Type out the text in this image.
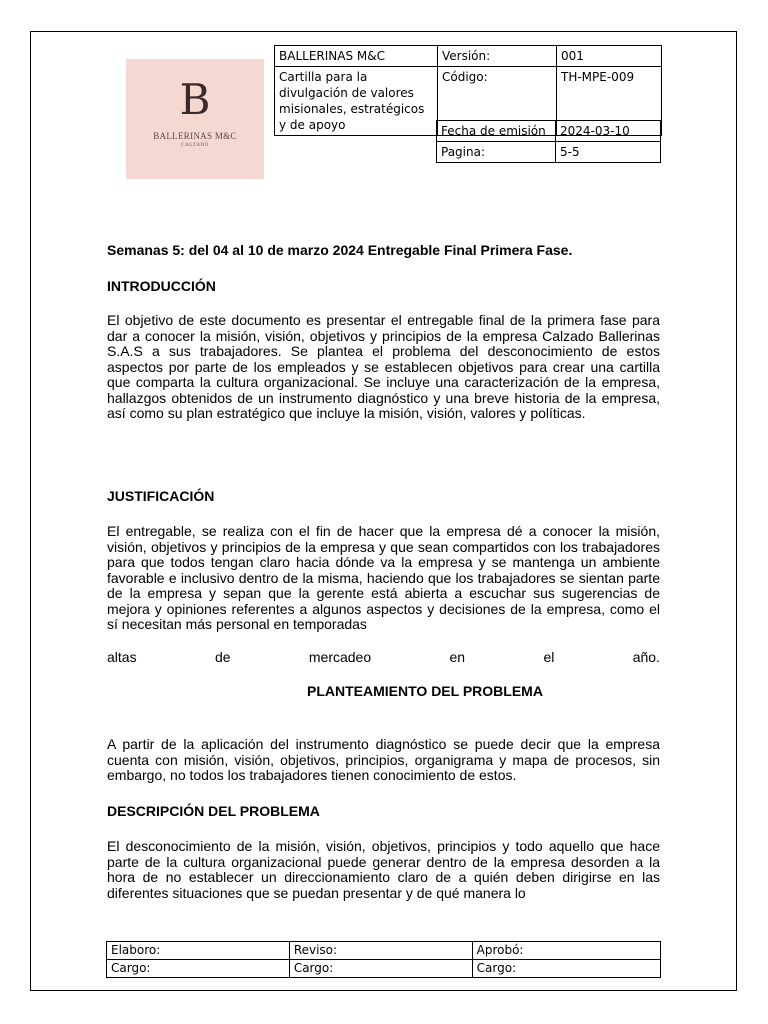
B
BALLERINAS M&C
CALZADO
BALLERINAS M&C	Versión:	001
Cartilla para la divulgación de valores misionales, estratégicos y de apoyo	Código:	TH-MPE-009
Fecha de emisión	2024-03-10
Pagina:	5-5
Semanas 5: del 04 al 10 de marzo 2024 Entregable Final Primera Fase.
INTRODUCCIÓN
El objetivo de este documento es presentar el entregable final de la primera fase para dar a conocer la misión, visión, objetivos y principios de la empresa Calzado Ballerinas S.A.S a sus trabajadores. Se plantea el problema del desconocimiento de estos aspectos por parte de los empleados y se establecen objetivos para crear una cartilla que comparta la cultura organizacional. Se incluye una caracterización de la empresa, hallazgos obtenidos de un instrumento diagnóstico y una breve historia de la empresa, así como su plan estratégico que incluye la misión, visión, valores y políticas.
JUSTIFICACIÓN
El entregable, se realiza con el fin de hacer que la empresa dé a conocer la misión, visión, objetivos y principios de la empresa y que sean compartidos con los trabajadores para que todos tengan claro hacia dónde va la empresa y se mantenga un ambiente favorable e inclusivo dentro de la misma, haciendo que los trabajadores se sientan parte de la empresa y sepan que la gerente está abierta a escuchar sus sugerencias de mejora y opiniones referentes a algunos aspectos y decisiones de la empresa, como el sí necesitan más personal en temporadas
altas	de	mercadeo	en	el	año.
PLANTEAMIENTO DEL PROBLEMA
A partir de la aplicación del instrumento diagnóstico se puede decir que la empresa cuenta con misión, visión, objetivos, principios, organigrama y mapa de procesos, sin embargo, no todos los trabajadores tienen conocimiento de estos.
DESCRIPCIÓN DEL PROBLEMA
El desconocimiento de la misión, visión, objetivos, principios y todo aquello que hace parte de la cultura organizacional puede generar dentro de la empresa desorden a la hora de no establecer un direccionamiento claro de a quién deben dirigirse en las diferentes situaciones que se puedan presentar y de qué manera lo
Elaboro:	Reviso:	Aprobó:
Cargo:	Cargo:	Cargo:
